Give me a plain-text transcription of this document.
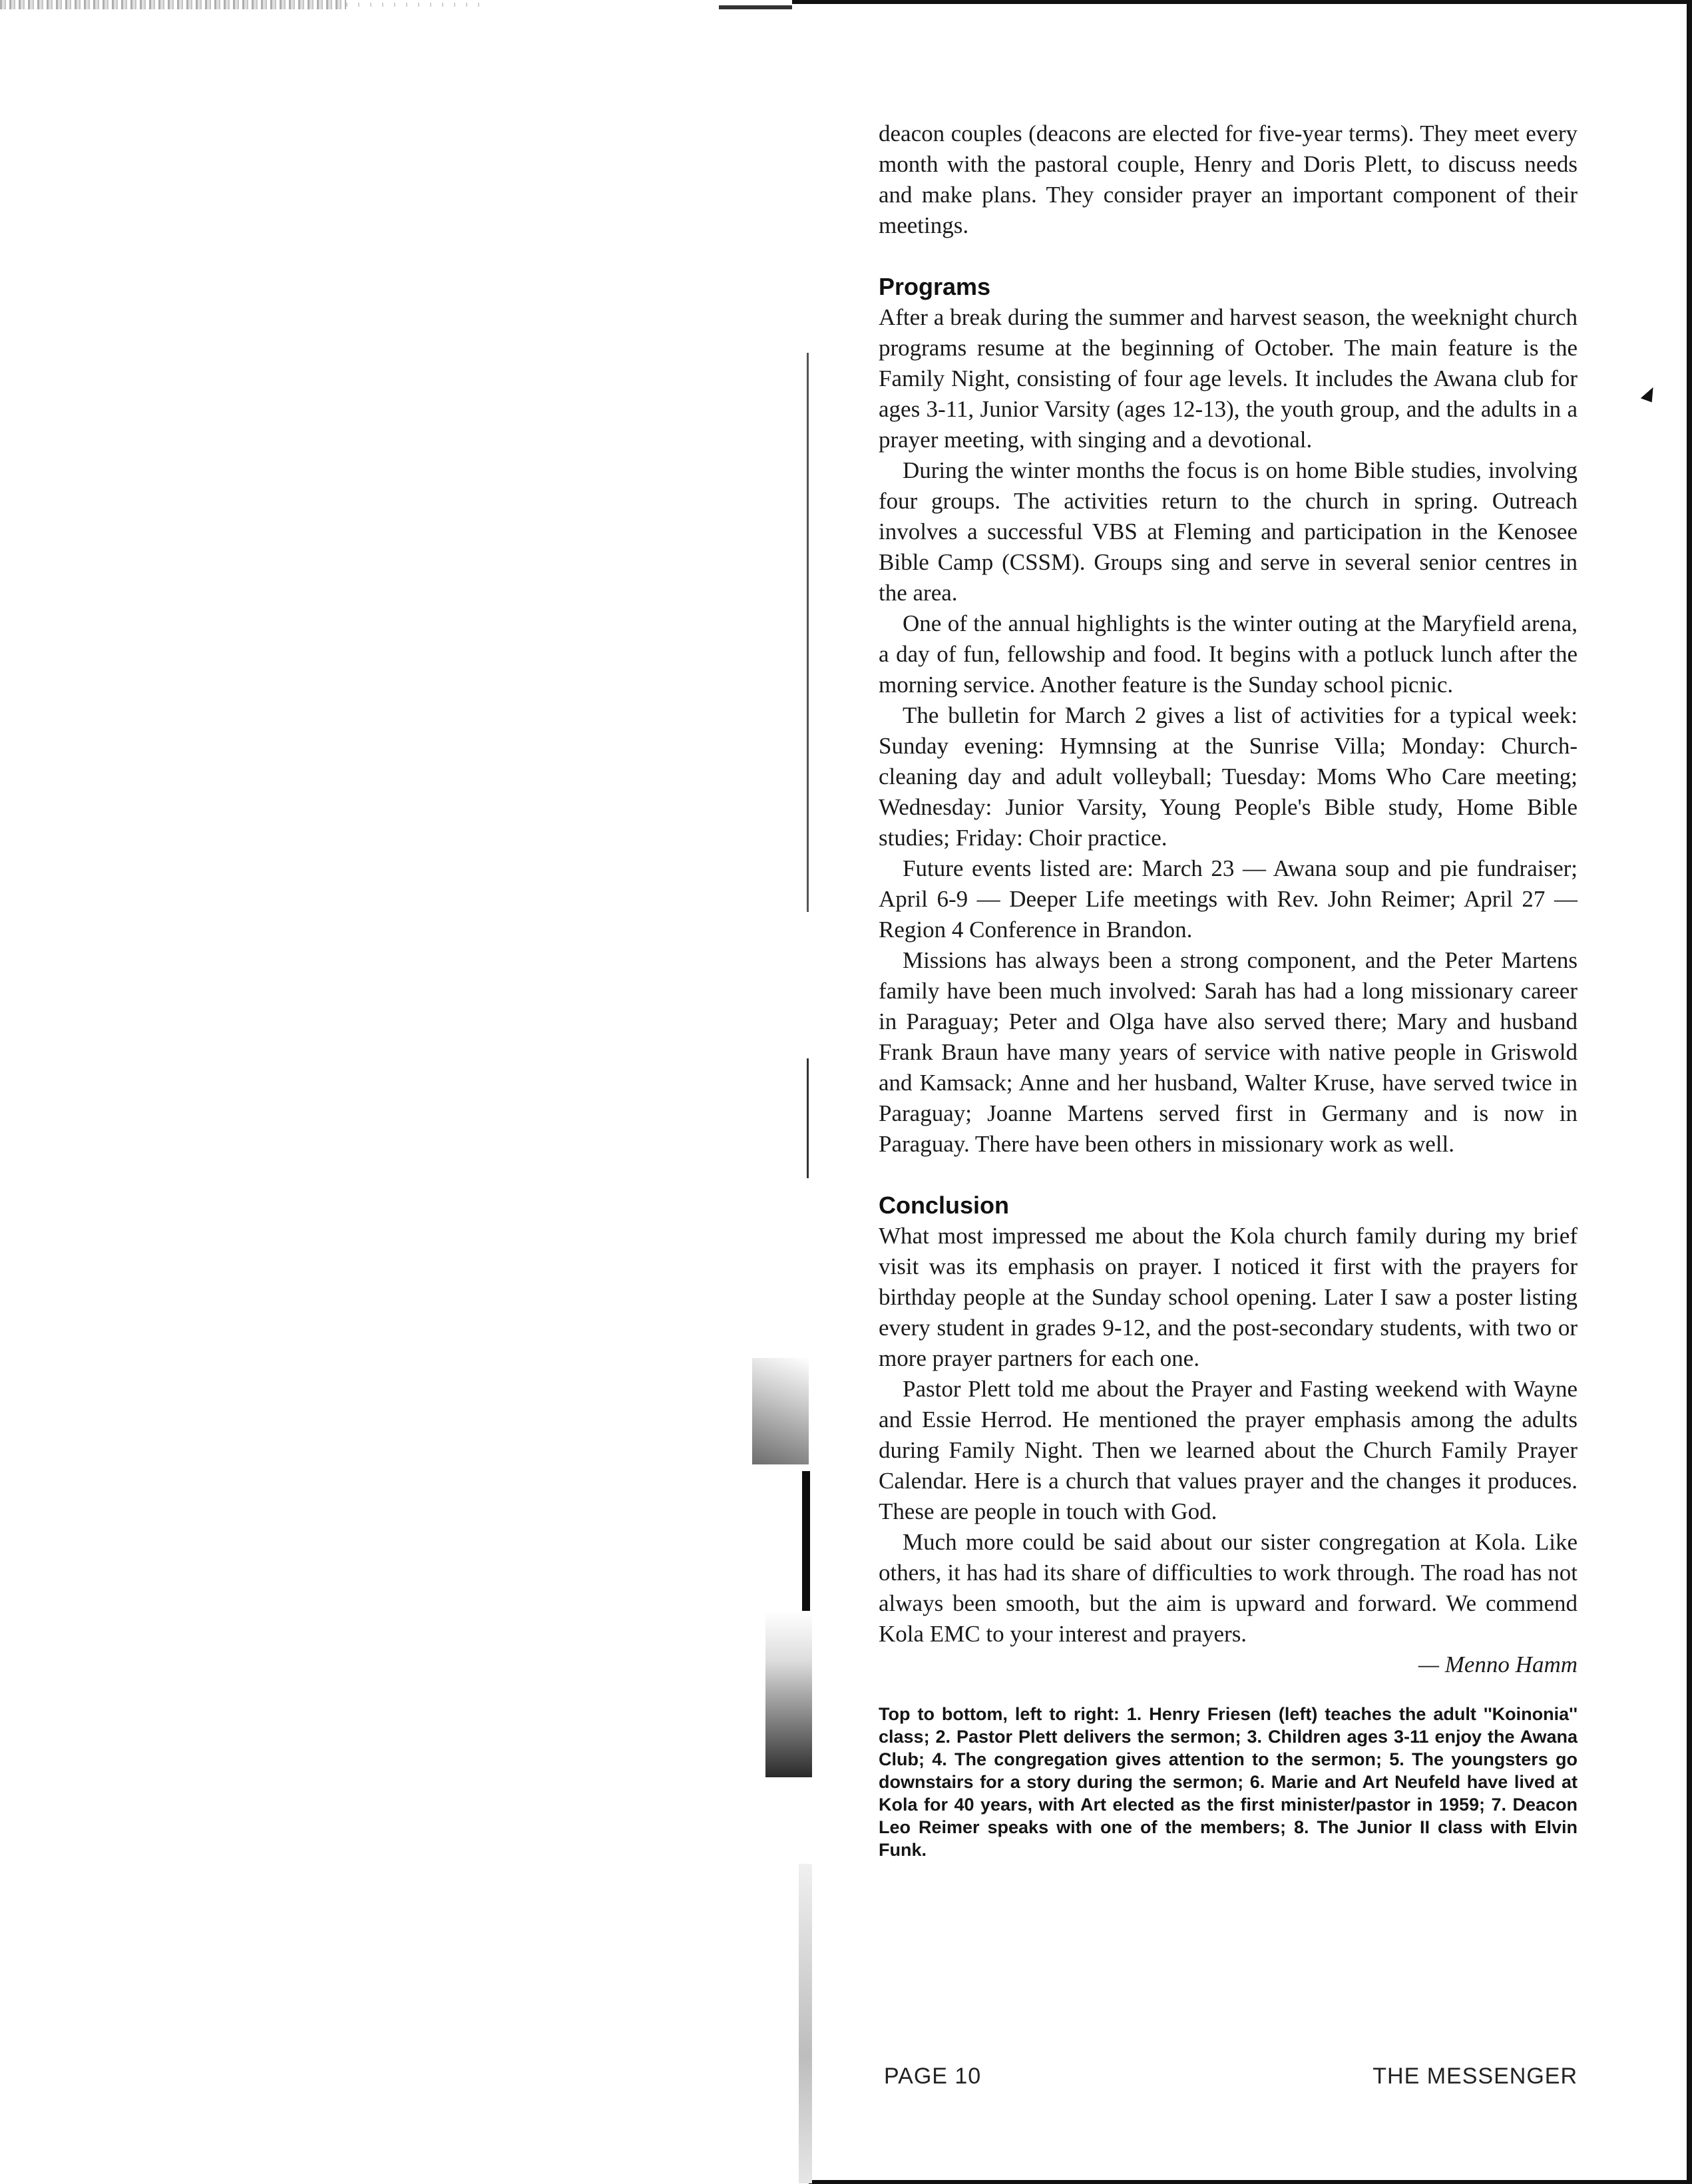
deacon couples (deacons are elected for five-year terms). They meet every month with the pastoral couple, Henry and Doris Plett, to discuss needs and make plans. They consider prayer an important component of their meetings.

Programs

After a break during the summer and harvest season, the weeknight church programs resume at the beginning of October. The main feature is the Family Night, consisting of four age levels. It includes the Awana club for ages 3-11, Junior Varsity (ages 12-13), the youth group, and the adults in a prayer meeting, with singing and a devotional.

During the winter months the focus is on home Bible studies, involving four groups. The activities return to the church in spring. Outreach involves a successful VBS at Fleming and participation in the Kenosee Bible Camp (CSSM). Groups sing and serve in several senior centres in the area.

One of the annual highlights is the winter outing at the Maryfield arena, a day of fun, fellowship and food. It begins with a potluck lunch after the morning service. Another feature is the Sunday school picnic.

The bulletin for March 2 gives a list of activities for a typical week: Sunday evening: Hymnsing at the Sunrise Villa; Monday: Church-cleaning day and adult volleyball; Tuesday: Moms Who Care meeting; Wednesday: Junior Varsity, Young People's Bible study, Home Bible studies; Friday: Choir practice.

Future events listed are: March 23 — Awana soup and pie fundraiser; April 6-9 — Deeper Life meetings with Rev. John Reimer; April 27 — Region 4 Conference in Brandon.

Missions has always been a strong component, and the Peter Martens family have been much involved: Sarah has had a long missionary career in Paraguay; Peter and Olga have also served there; Mary and husband Frank Braun have many years of service with native people in Griswold and Kamsack; Anne and her husband, Walter Kruse, have served twice in Paraguay; Joanne Martens served first in Germany and is now in Paraguay. There have been others in missionary work as well.

Conclusion

What most impressed me about the Kola church family during my brief visit was its emphasis on prayer. I noticed it first with the prayers for birthday people at the Sunday school opening. Later I saw a poster listing every student in grades 9-12, and the post-secondary students, with two or more prayer partners for each one.

Pastor Plett told me about the Prayer and Fasting weekend with Wayne and Essie Herrod. He mentioned the prayer emphasis among the adults during Family Night. Then we learned about the Church Family Prayer Calendar. Here is a church that values prayer and the changes it produces. These are people in touch with God.

Much more could be said about our sister congregation at Kola. Like others, it has had its share of difficulties to work through. The road has not always been smooth, but the aim is upward and forward. We commend Kola EMC to your interest and prayers.

— Menno Hamm

Top to bottom, left to right: 1. Henry Friesen (left) teaches the adult ''Koinonia'' class; 2. Pastor Plett delivers the sermon; 3. Children ages 3-11 enjoy the Awana Club; 4. The congregation gives attention to the sermon; 5. The youngsters go downstairs for a story during the sermon; 6. Marie and Art Neufeld have lived at Kola for 40 years, with Art elected as the first minister/pastor in 1959; 7. Deacon Leo Reimer speaks with one of the members; 8. The Junior II class with Elvin Funk.

PAGE 10	THE MESSENGER
